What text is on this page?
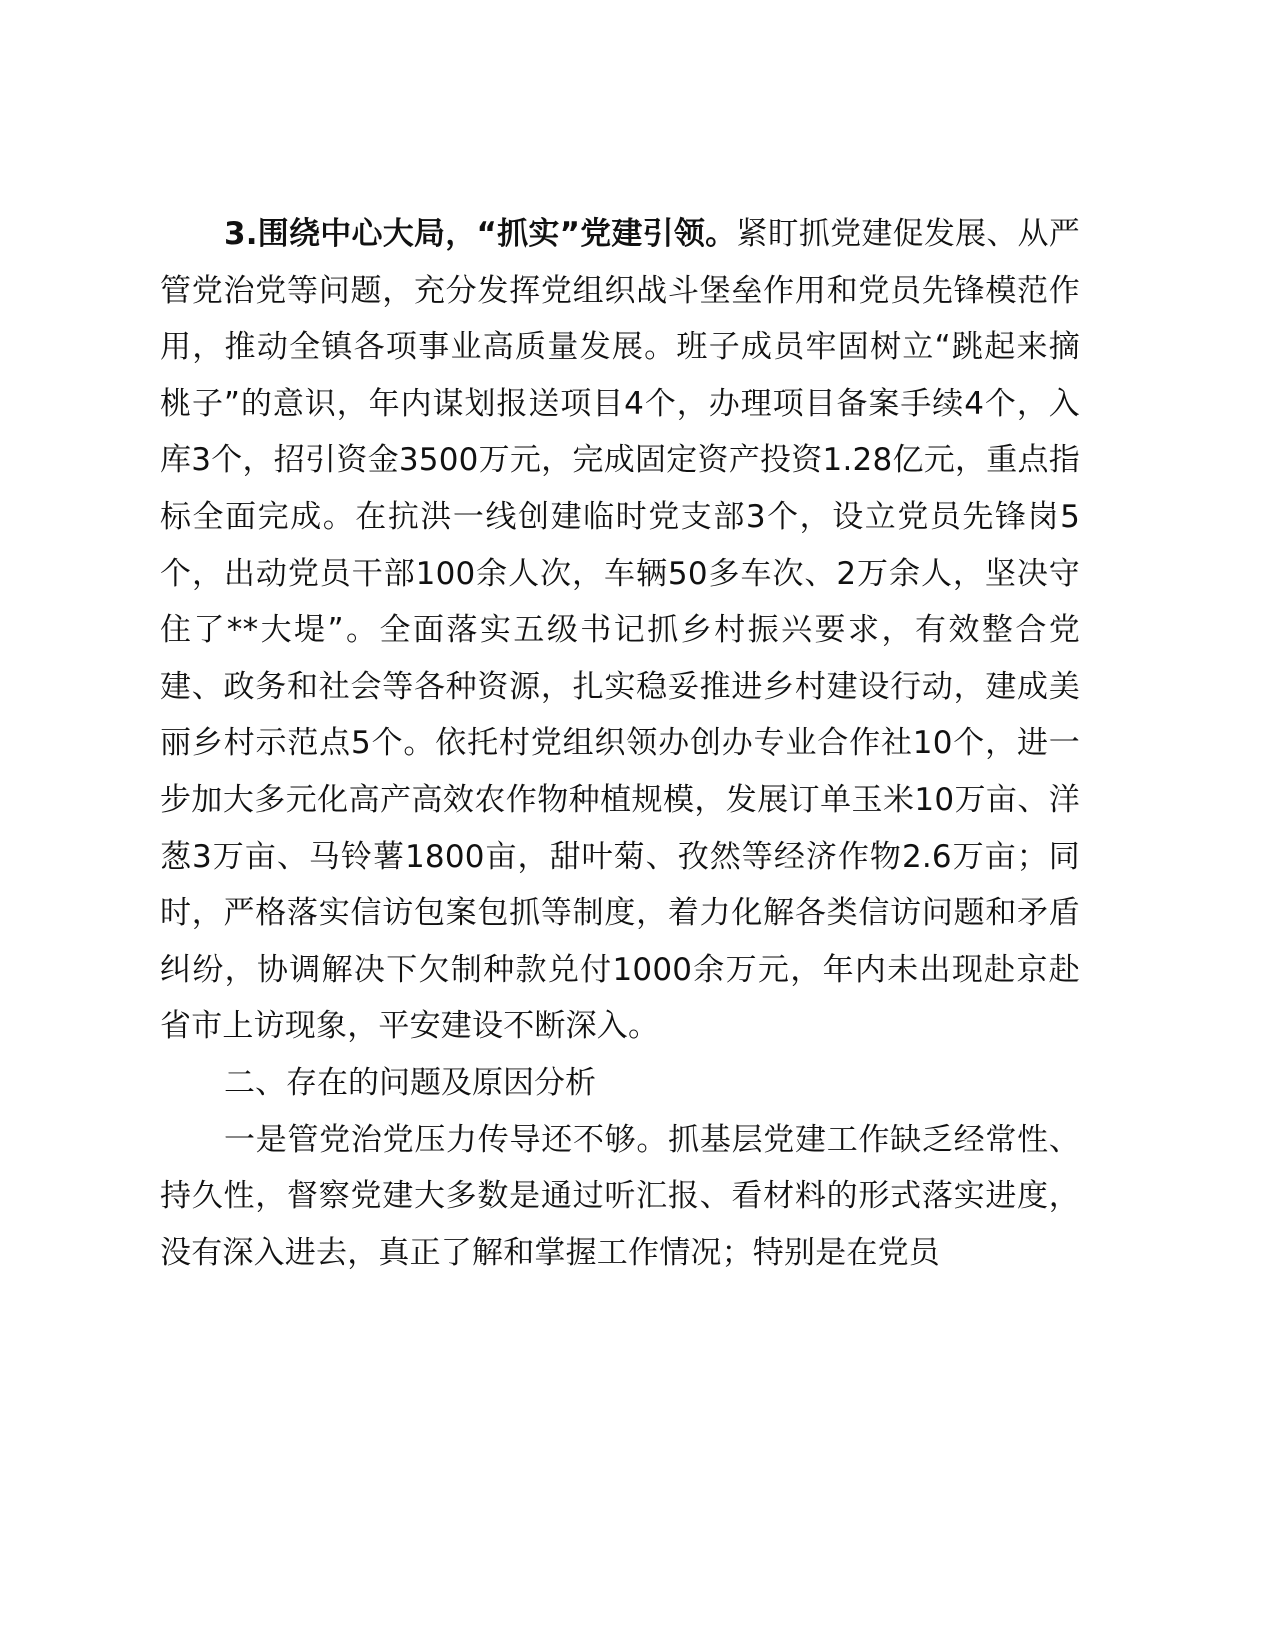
3.围绕中心大局，“抓实”党建引领。紧盯抓党建促发展、从严管党治党等问题，充分发挥党组织战斗堡垒作用和党员先锋模范作用，推动全镇各项事业高质量发展。班子成员牢固树立“跳起来摘桃子”的意识，年内谋划报送项目4个，办理项目备案手续4个，入库3个，招引资金3500万元，完成固定资产投资1.28亿元，重点指标全面完成。在抗洪一线创建临时党支部3个，设立党员先锋岗5个，出动党员干部100余人次，车辆50多车次、2万余人，坚决守住了**大堤”。全面落实五级书记抓乡村振兴要求，有效整合党建、政务和社会等各种资源，扎实稳妥推进乡村建设行动，建成美丽乡村示范点5个。依托村党组织领办创办专业合作社10个，进一步加大多元化高产高效农作物种植规模，发展订单玉米10万亩、洋葱3万亩、马铃薯1800亩，甜叶菊、孜然等经济作物2.6万亩；同时，严格落实信访包案包抓等制度，着力化解各类信访问题和矛盾纠纷，协调解决下欠制种款兑付1000余万元，年内未出现赴京赴省市上访现象，平安建设不断深入。

二、存在的问题及原因分析

一是管党治党压力传导还不够。抓基层党建工作缺乏经常性、持久性，督察党建大多数是通过听汇报、看材料的形式落实进度，没有深入进去，真正了解和掌握工作情况；特别是在党员
